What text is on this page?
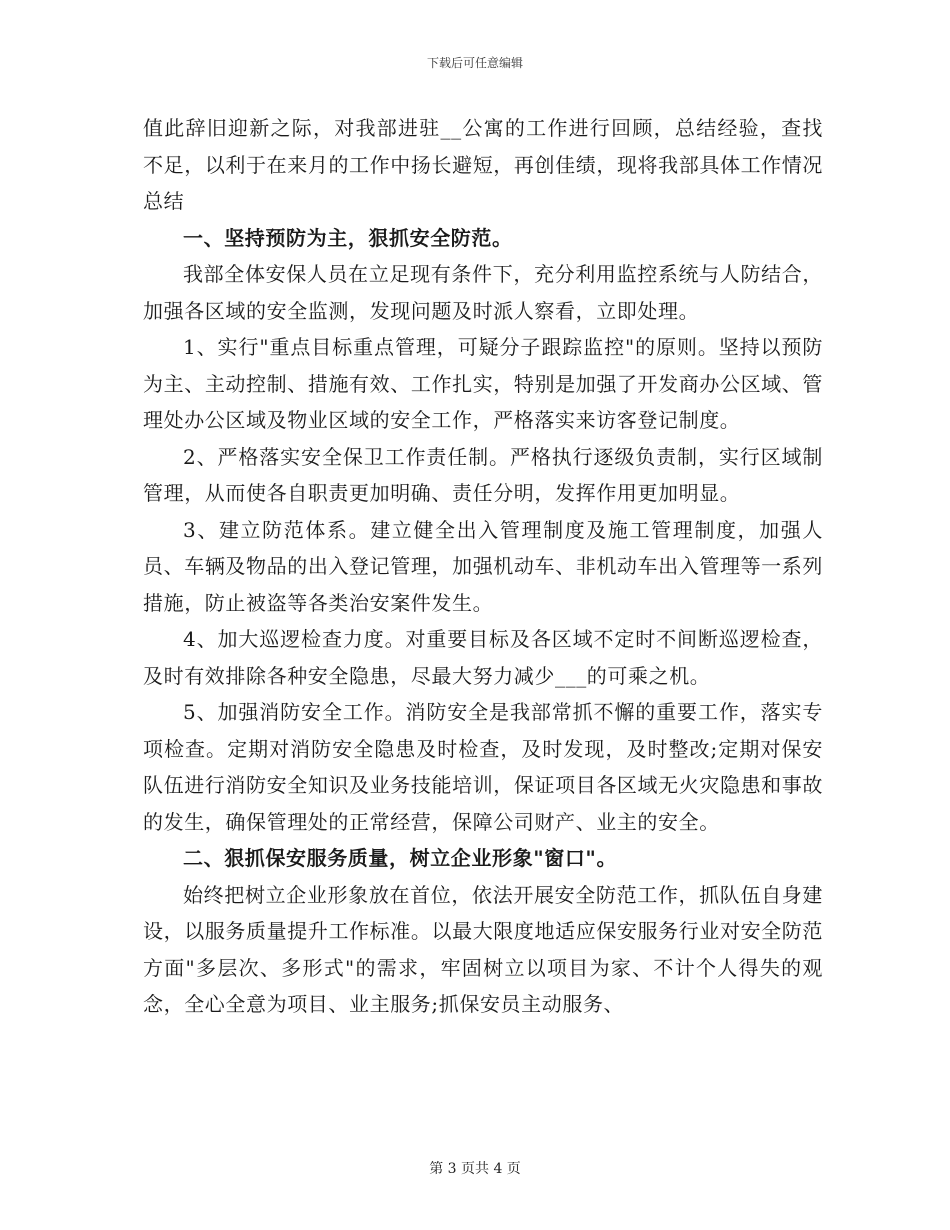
下载后可任意编辑

值此辞旧迎新之际，对我部进驻__公寓的工作进行回顾，总结经验，查找不足，以利于在来月的工作中扬长避短，再创佳绩，现将我部具体工作情况总结

一、坚持预防为主，狠抓安全防范。

我部全体安保人员在立足现有条件下，充分利用监控系统与人防结合，加强各区域的安全监测，发现问题及时派人察看，立即处理。

1、实行"重点目标重点管理，可疑分子跟踪监控"的原则。坚持以预防为主、主动控制、措施有效、工作扎实，特别是加强了开发商办公区域、管理处办公区域及物业区域的安全工作，严格落实来访客登记制度。

2、严格落实安全保卫工作责任制。严格执行逐级负责制，实行区域制管理，从而使各自职责更加明确、责任分明，发挥作用更加明显。

3、建立防范体系。建立健全出入管理制度及施工管理制度，加强人员、车辆及物品的出入登记管理，加强机动车、非机动车出入管理等一系列措施，防止被盗等各类治安案件发生。

4、加大巡逻检查力度。对重要目标及各区域不定时不间断巡逻检查，及时有效排除各种安全隐患，尽最大努力减少___的可乘之机。

5、加强消防安全工作。消防安全是我部常抓不懈的重要工作，落实专项检查。定期对消防安全隐患及时检查，及时发现，及时整改;定期对保安队伍进行消防安全知识及业务技能培训，保证项目各区域无火灾隐患和事故的发生，确保管理处的正常经营，保障公司财产、业主的安全。

二、狠抓保安服务质量，树立企业形象"窗口"。

始终把树立企业形象放在首位，依法开展安全防范工作，抓队伍自身建设，以服务质量提升工作标准。以最大限度地适应保安服务行业对安全防范方面"多层次、多形式"的需求，牢固树立以项目为家、不计个人得失的观念，全心全意为项目、业主服务;抓保安员主动服务、

第 3 页共 4 页
